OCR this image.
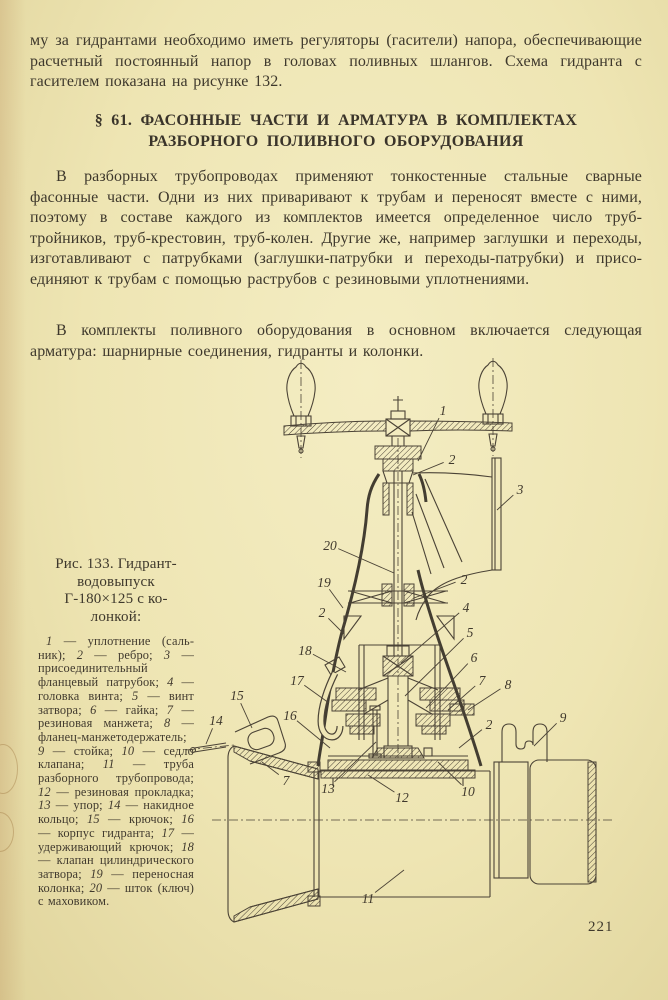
му за гидрантами необходимо иметь регуляторы (гасители) напора, обеспечивающие расчетный постоянный напор в головах поливных шлангов. Схема гидранта с гасителем показана на рисунке 132.

§ 61. ФАСОННЫЕ ЧАСТИ И АРМАТУРА В КОМПЛЕКТАХ
РАЗБОРНОГО ПОЛИВНОГО ОБОРУДОВАНИЯ

В разборных трубопроводах применяют тонкостенные стальные сварные фасонные части. Одни из них приваривают к трубам и переносят вместе с ними, поэтому в составе каждого из комплектов имеется определенное число труб-тройников, труб-крестовин, труб-колен. Другие же, например заглушки и переходы, изготавливают с патрубками (заглушки-патрубки и переходы-патрубки) и присоединяют к трубам с помощью раструбов с резиновыми уплотнениями.

В комплекты поливного оборудования в основном включается следующая арматура: шарнирные соединения, гидранты и колонки.

Рис. 133. Гидрант-
водовыпуск
Г-180×125 с ко-
лонкой:
1 — уплотнение (сальник); 2 — ребро; 3 — присоединительный фланцевый патрубок; 4 — головка винта; 5 — винт затвора; 6 — гайка; 7 — резиновая манжета; 8 — фланец-манжетодержатель; 9 — стойка; 10 — седло клапана; 11 — труба разборного трубопровода; 12 — резиновая прокладка; 13 — упор; 14 — накидное кольцо; 15 — крючок; 16 — корпус гидранта; 17 — удерживающий крючок; 18 — клапан цилиндрического затвора; 19 — переносная колонка; 20 — шток (ключ) с маховиком.
1
2
3
20
19	2
2	4
5
18	6
17	7 8
15
16
14	2	9
7
13
12	10
11
221
